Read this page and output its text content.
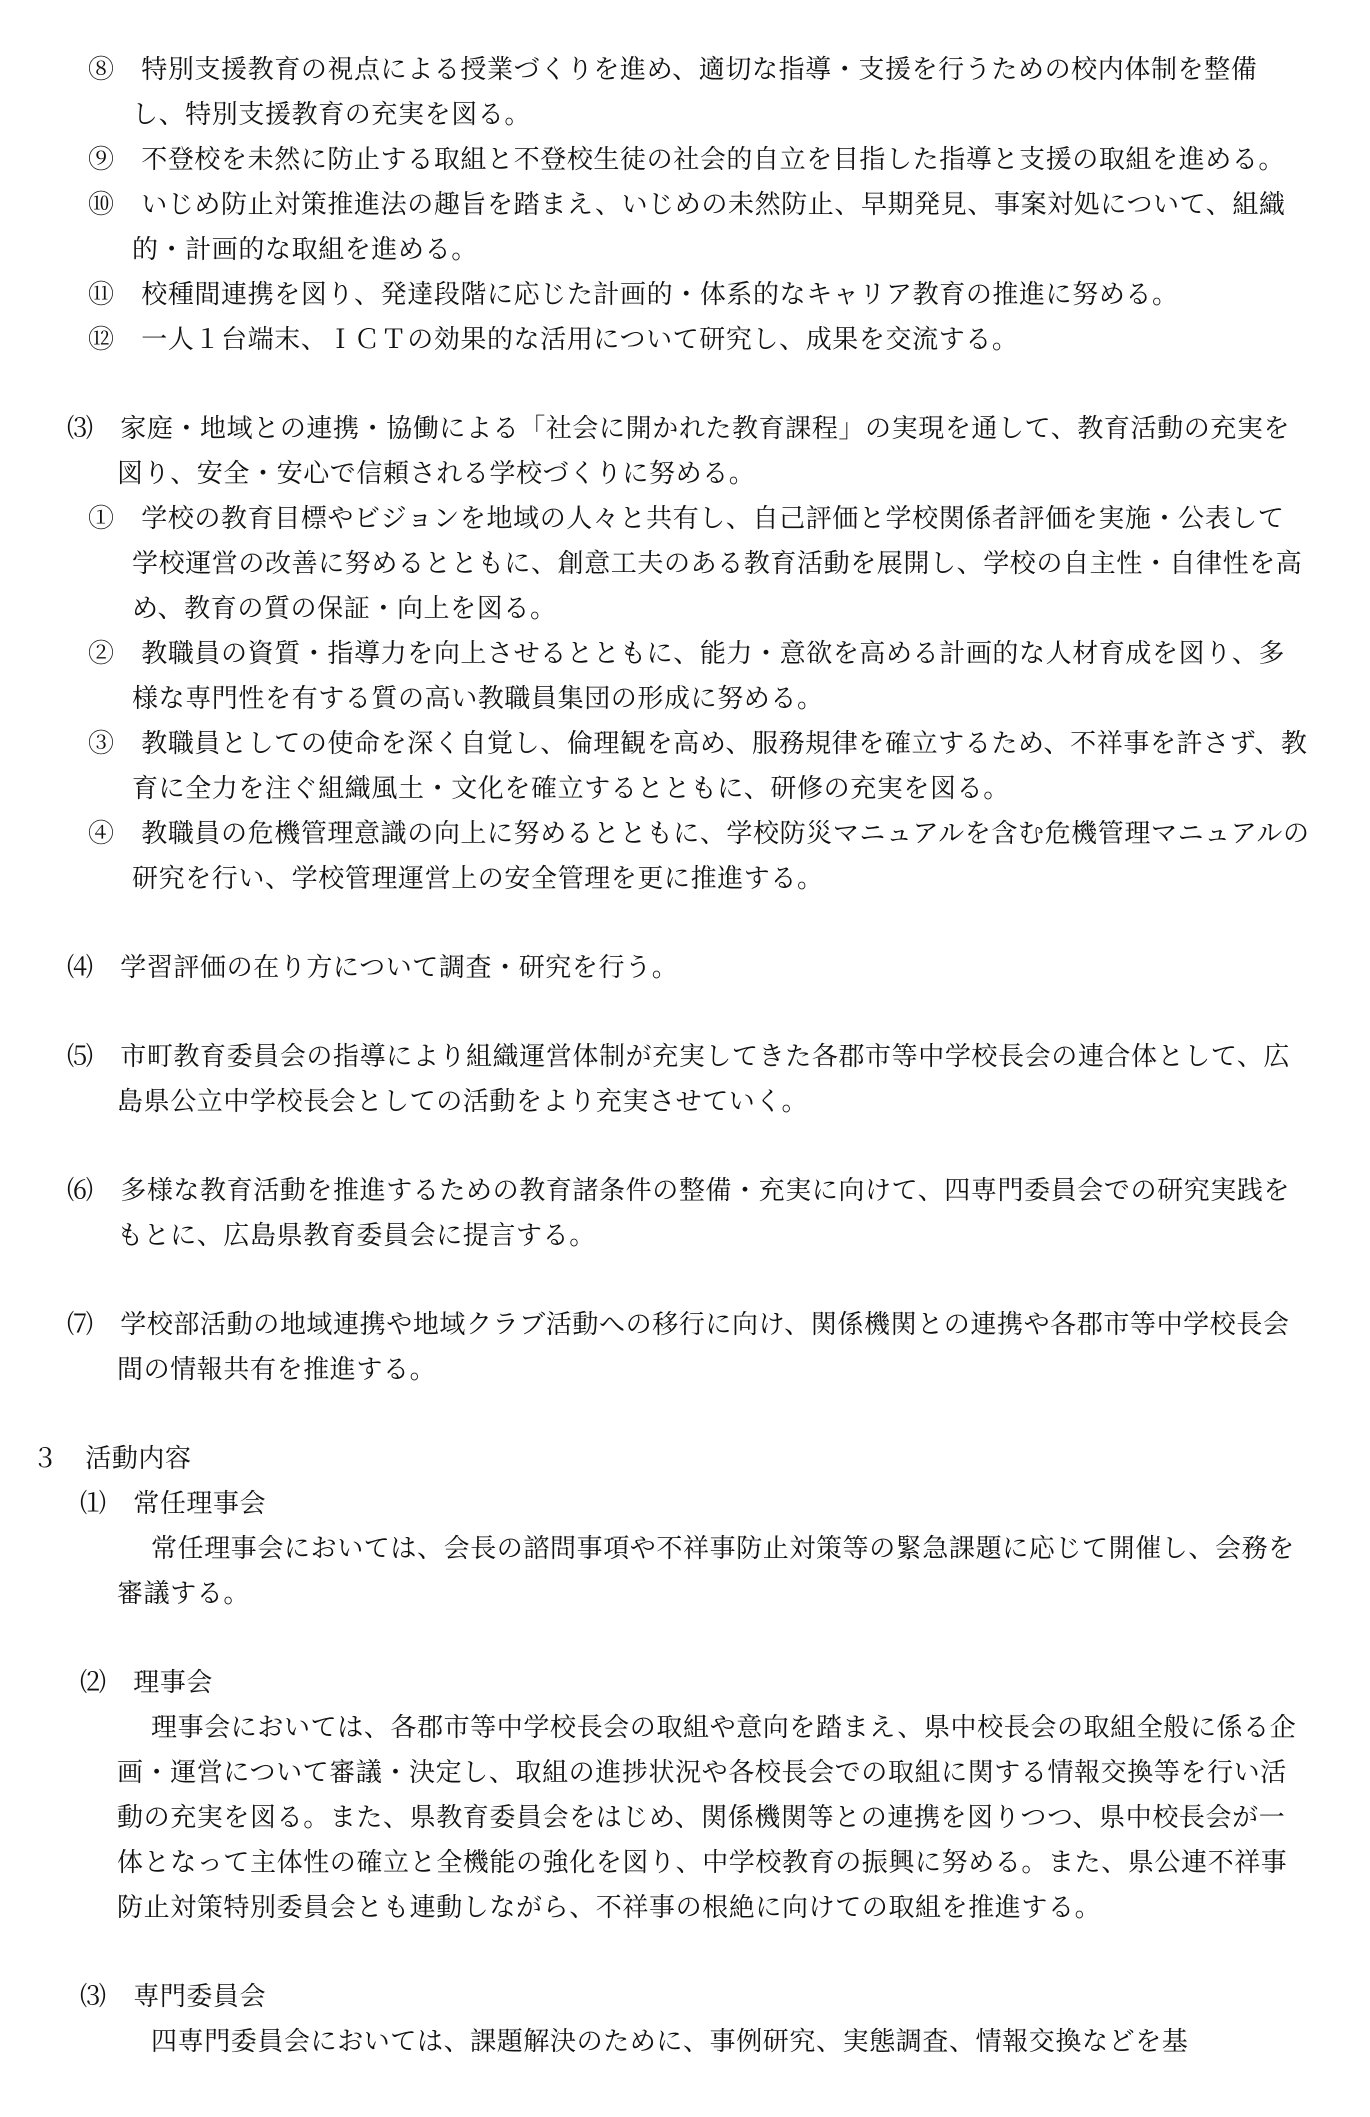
⑧　 特別支援教育の視点による授業づくりを進め、適切な指導・支援を行うための校内体制を整備し、特別支援教育の充実を図る。

⑨　 不登校を未然に防止する取組と不登校生徒の社会的自立を目指した指導と支援の取組を進める。

⑩　 いじめ防止対策推進法の趣旨を踏まえ、いじめの未然防止、早期発見、事案対処について、組織的・計画的な取組を進める。

⑪　 校種間連携を図り、発達段階に応じた計画的・体系的なキャリア教育の推進に努める。

⑫　 一人１台端末、ＩＣＴの効果的な活用について研究し、成果を交流する。

⑶　 家庭・地域との連携・協働による「社会に開かれた教育課程」の実現を通して、教育活動の充実を図り、安全・安心で信頼される学校づくりに努める。

①　 学校の教育目標やビジョンを地域の人々と共有し、自己評価と学校関係者評価を実施・公表して学校運営の改善に努めるとともに、創意工夫のある教育活動を展開し、学校の自主性・自律性を高め、教育の質の保証・向上を図る。

②　 教職員の資質・指導力を向上させるとともに、能力・意欲を高める計画的な人材育成を図り、多様な専門性を有する質の高い教職員集団の形成に努める。

③　 教職員としての使命を深く自覚し、倫理観を高め、服務規律を確立するため、不祥事を許さず、教育に全力を注ぐ組織風土・文化を確立するとともに、研修の充実を図る。

④　 教職員の危機管理意識の向上に努めるとともに、学校防災マニュアルを含む危機管理マニュアルの研究を行い、学校管理運営上の安全管理を更に推進する。

⑷　 学習評価の在り方について調査・研究を行う。

⑸　 市町教育委員会の指導により組織運営体制が充実してきた各郡市等中学校長会の連合体として、広島県公立中学校長会としての活動をより充実させていく。

⑹　 多様な教育活動を推進するための教育諸条件の整備・充実に向けて、四専門委員会での研究実践をもとに、広島県教育委員会に提言する。

⑺　 学校部活動の地域連携や地域クラブ活動への移行に向け、関係機関との連携や各郡市等中学校長会間の情報共有を推進する。

３　 活動内容

⑴　 常任理事会

常任理事会においては、会長の諮問事項や不祥事防止対策等の緊急課題に応じて開催し、会務を審議する。

⑵　 理事会

理事会においては、各郡市等中学校長会の取組や意向を踏まえ、県中校長会の取組全般に係る企画・運営について審議・決定し、取組の進捗状況や各校長会での取組に関する情報交換等を行い活動の充実を図る。また、県教育委員会をはじめ、関係機関等との連携を図りつつ、県中校長会が一体となって主体性の確立と全機能の強化を図り、中学校教育の振興に努める。また、県公連不祥事防止対策特別委員会とも連動しながら、不祥事の根絶に向けての取組を推進する。

⑶　 専門委員会

四専門委員会においては、課題解決のために、事例研究、実態調査、情報交換などを基
